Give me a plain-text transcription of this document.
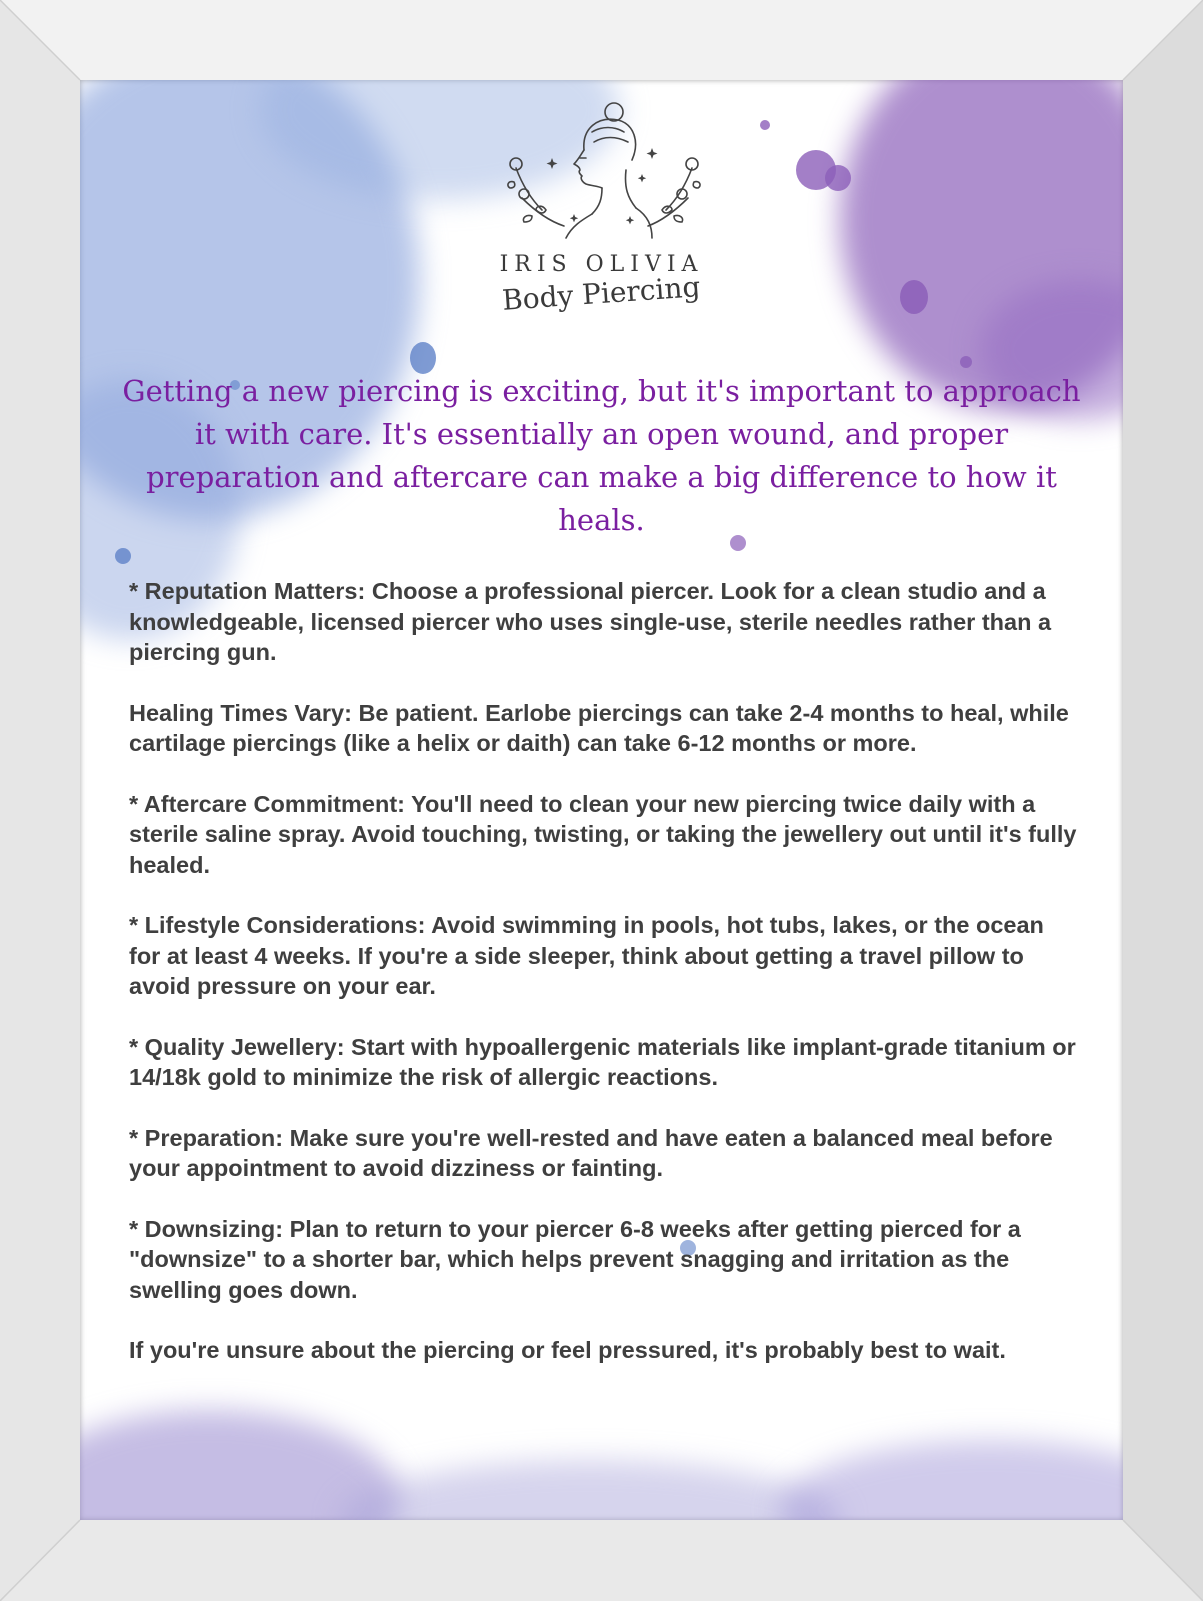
IRIS OLIVIA
Body Piercing
Getting a new piercing is exciting, but it's important to approach it with care. It's essentially an open wound, and proper preparation and aftercare can make a big difference to how it heals.

* Reputation Matters: Choose a professional piercer. Look for a clean studio and a knowledgeable, licensed piercer who uses single-use, sterile needles rather than a piercing gun.

Healing Times Vary: Be patient. Earlobe piercings can take 2-4 months to heal, while cartilage piercings (like a helix or daith) can take 6-12 months or more.

* Aftercare Commitment: You'll need to clean your new piercing twice daily with a sterile saline spray. Avoid touching, twisting, or taking the jewellery out until it's fully healed.

* Lifestyle Considerations: Avoid swimming in pools, hot tubs, lakes, or the ocean for at least 4 weeks. If you're a side sleeper, think about getting a travel pillow to avoid pressure on your ear.

* Quality Jewellery: Start with hypoallergenic materials like implant-grade titanium or 14/18k gold to minimize the risk of allergic reactions.

* Preparation: Make sure you're well-rested and have eaten a balanced meal before your appointment to avoid dizziness or fainting.

* Downsizing: Plan to return to your piercer 6-8 weeks after getting pierced for a "downsize" to a shorter bar, which helps prevent snagging and irritation as the swelling goes down.

If you're unsure about the piercing or feel pressured, it's probably best to wait.
